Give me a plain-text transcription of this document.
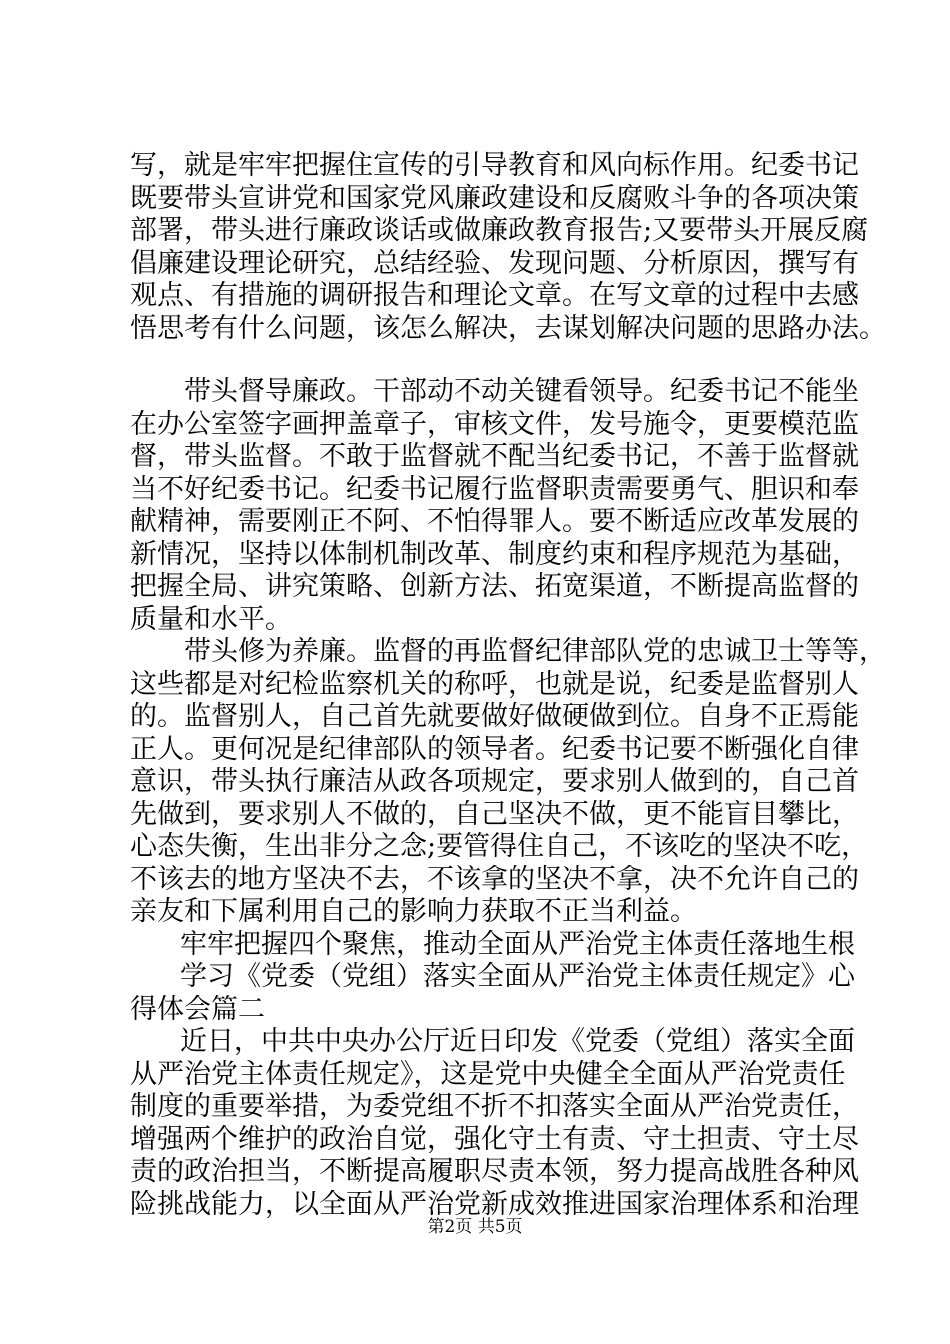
写，就是牢牢把握住宣传的引导教育和风向标作用。纪委书记
既要带头宣讲党和国家党风廉政建设和反腐败斗争的各项决策
部署，带头进行廉政谈话或做廉政教育报告;又要带头开展反腐
倡廉建设理论研究，总结经验、发现问题、分析原因，撰写有
观点、有措施的调研报告和理论文章。在写文章的过程中去感
悟思考有什么问题，该怎么解决，去谋划解决问题的思路办法。
带头督导廉政。干部动不动关键看领导。纪委书记不能坐
在办公室签字画押盖章子，审核文件，发号施令，更要模范监
督，带头监督。不敢于监督就不配当纪委书记，不善于监督就
当不好纪委书记。纪委书记履行监督职责需要勇气、胆识和奉
献精神，需要刚正不阿、不怕得罪人。要不断适应改革发展的
新情况，坚持以体制机制改革、制度约束和程序规范为基础，
把握全局、讲究策略、创新方法、拓宽渠道，不断提高监督的
质量和水平。
带头修为养廉。监督的再监督纪律部队党的忠诚卫士等等，
这些都是对纪检监察机关的称呼，也就是说，纪委是监督别人
的。监督别人，自己首先就要做好做硬做到位。自身不正焉能
正人。更何况是纪律部队的领导者。纪委书记要不断强化自律
意识，带头执行廉洁从政各项规定，要求别人做到的，自己首
先做到，要求别人不做的，自己坚决不做，更不能盲目攀比，
心态失衡，生出非分之念;要管得住自己，不该吃的坚决不吃，
不该去的地方坚决不去，不该拿的坚决不拿，决不允许自己的
亲友和下属利用自己的影响力获取不正当利益。
牢牢把握四个聚焦，推动全面从严治党主体责任落地生根
学习《党委（党组）落实全面从严治党主体责任规定》心
得体会篇二
近日，中共中央办公厅近日印发《党委（党组）落实全面
从严治党主体责任规定》，这是党中央健全全面从严治党责任
制度的重要举措，为委党组不折不扣落实全面从严治党责任，
增强两个维护的政治自觉，强化守土有责、守土担责、守土尽
责的政治担当，不断提高履职尽责本领，努力提高战胜各种风
险挑战能力，以全面从严治党新成效推进国家治理体系和治理
第2页 共5页
